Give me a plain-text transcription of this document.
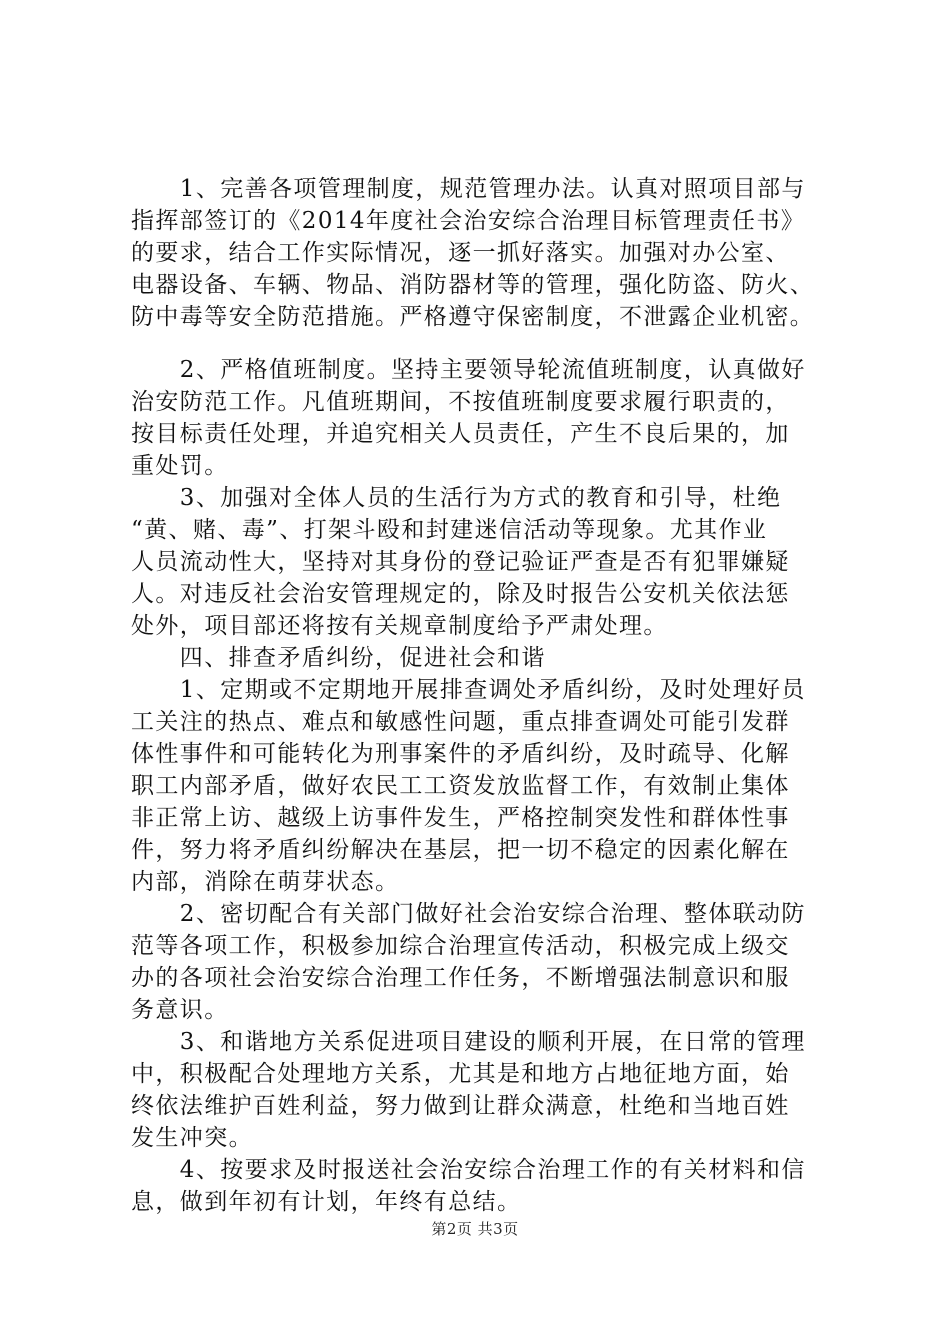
　　1、完善各项管理制度，规范管理办法。认真对照项目部与
指挥部签订的《2014年度社会治安综合治理目标管理责任书》
的要求，结合工作实际情况，逐一抓好落实。加强对办公室、
电器设备、车辆、物品、消防器材等的管理，强化防盗、防火、
防中毒等安全防范措施。严格遵守保密制度，不泄露企业机密。
　　2、严格值班制度。坚持主要领导轮流值班制度，认真做好
治安防范工作。凡值班期间，不按值班制度要求履行职责的，
按目标责任处理，并追究相关人员责任，产生不良后果的，加
重处罚。
　　3、加强对全体人员的生活行为方式的教育和引导，杜绝
“黄、赌、毒”、打架斗殴和封建迷信活动等现象。尤其作业
人员流动性大，坚持对其身份的登记验证严查是否有犯罪嫌疑
人。对违反社会治安管理规定的，除及时报告公安机关依法惩
处外，项目部还将按有关规章制度给予严肃处理。
　　四、排查矛盾纠纷，促进社会和谐
　　1、定期或不定期地开展排查调处矛盾纠纷，及时处理好员
工关注的热点、难点和敏感性问题，重点排查调处可能引发群
体性事件和可能转化为刑事案件的矛盾纠纷，及时疏导、化解
职工内部矛盾，做好农民工工资发放监督工作，有效制止集体
非正常上访、越级上访事件发生，严格控制突发性和群体性事
件，努力将矛盾纠纷解决在基层，把一切不稳定的因素化解在
内部，消除在萌芽状态。
　　2、密切配合有关部门做好社会治安综合治理、整体联动防
范等各项工作，积极参加综合治理宣传活动，积极完成上级交
办的各项社会治安综合治理工作任务，不断增强法制意识和服
务意识。
　　3、和谐地方关系促进项目建设的顺利开展，在日常的管理
中，积极配合处理地方关系，尤其是和地方占地征地方面，始
终依法维护百姓利益，努力做到让群众满意，杜绝和当地百姓
发生冲突。
　　4、按要求及时报送社会治安综合治理工作的有关材料和信
息，做到年初有计划，年终有总结。
第2页 共3页
